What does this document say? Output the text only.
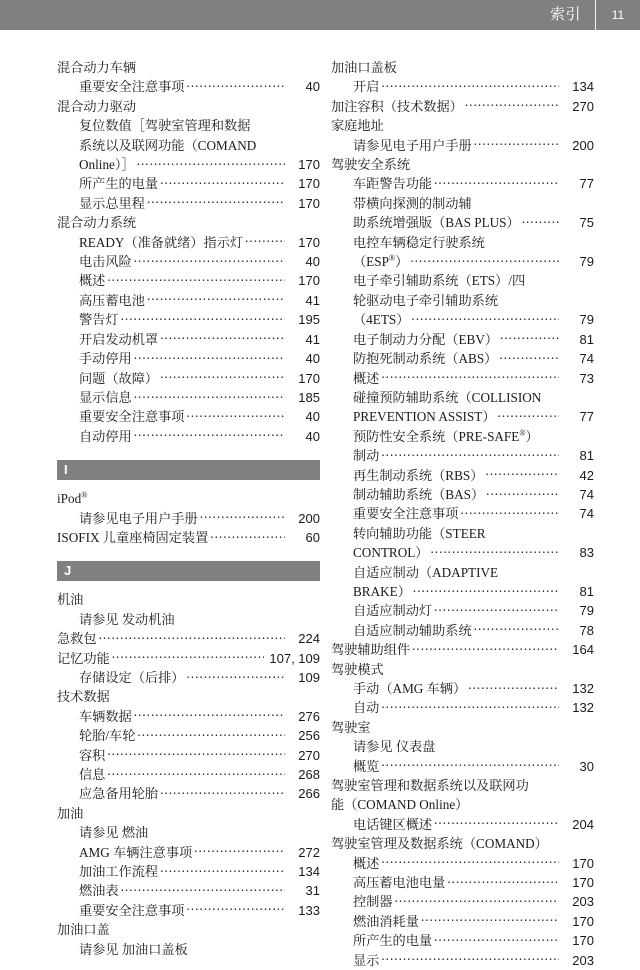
索引	11
混合动力车辆
重要安全注意事项 .....	40
混合动力驱动
复位数值［驾驶室管理和数据
系统以及联网功能（COMAND
Online）］ .....	170
所产生的电量 .....	170
显示总里程 .....	170
混合动力系统
READY（准备就绪）指示灯 .....	170
电击风险 .....	40
概述 .....	170
高压蓄电池 .....	41
警告灯 .....	195
开启发动机罩 .....	41
手动停用 .....	40
问题（故障） .....	170
显示信息 .....	185
重要安全注意事项 .....	40
自动停用 .....	40
I
iPod®
请参见电子用户手册 .....	200
ISOFIX 儿童座椅固定装置 .....	60
J
机油
请参见 发动机油
急救包 .....	224
记忆功能 .....	107, 109
存储设定（后排） .....	109
技术数据
车辆数据 .....	276
轮胎/车轮 .....	256
容积 .....	270
信息 .....	268
应急备用轮胎 .....	266
加油
请参见 燃油
AMG 车辆注意事项 .....	272
加油工作流程 .....	134
燃油表 .....	31
重要安全注意事项 .....	133
加油口盖
请参见 加油口盖板
加油口盖板
开启 .....	134
加注容积（技术数据） .....	270
家庭地址
请参见电子用户手册 .....	200
驾驶安全系统
车距警告功能 .....	77
带横向探测的制动辅
助系统增强版（BAS PLUS） .....	75
电控车辆稳定行驶系统
（ESP®） .....	79
电子牵引辅助系统（ETS）/四
轮驱动电子牵引辅助系统
（4ETS） .....	79
电子制动力分配（EBV） .....	81
防抱死制动系统（ABS） .....	74
概述 .....	73
碰撞预防辅助系统（COLLISION
PREVENTION ASSIST） .....	77
预防性安全系统（PRE-SAFE®）
制动 .....	81
再生制动系统（RBS） .....	42
制动辅助系统（BAS） .....	74
重要安全注意事项 .....	74
转向辅助功能（STEER
CONTROL） .....	83
自适应制动（ADAPTIVE
BRAKE） .....	81
自适应制动灯 .....	79
自适应制动辅助系统 .....	78
驾驶辅助组件 .....	164
驾驶模式
手动（AMG 车辆） .....	132
自动 .....	132
驾驶室
请参见 仪表盘
概览 .....	30
驾驶室管理和数据系统以及联网功
能（COMAND Online）
电话键区概述 .....	204
驾驶室管理及数据系统（COMAND）
概述 .....	170
高压蓄电池电量 .....	170
控制器 .....	203
燃油消耗量 .....	170
所产生的电量 .....	170
显示 .....	203
